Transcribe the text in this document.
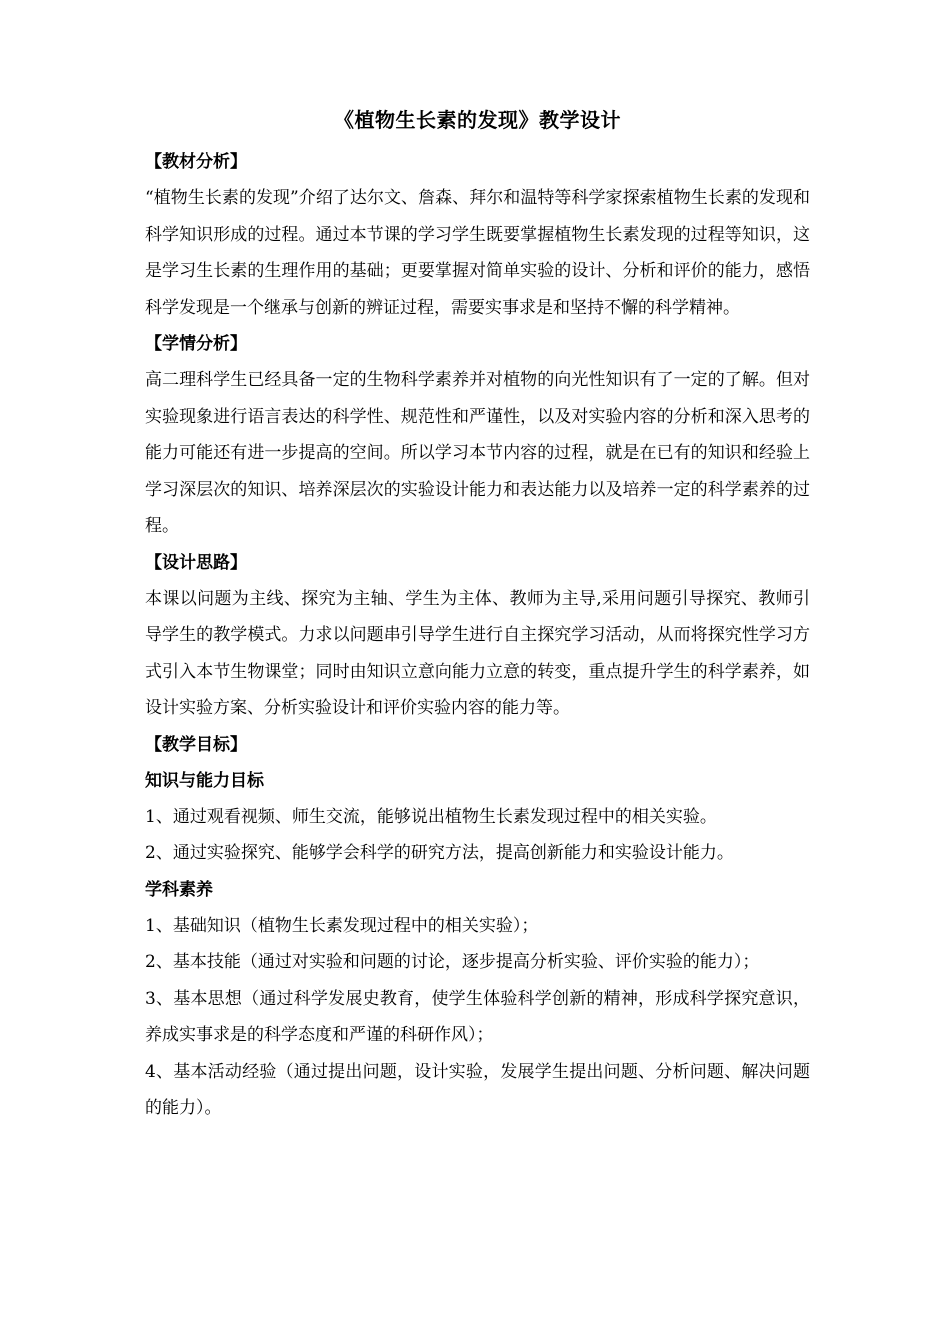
《植物生长素的发现》教学设计
【教材分析】

“植物生长素的发现”介绍了达尔文、詹森、拜尔和温特等科学家探索植物生长素的发现和科学知识形成的过程。通过本节课的学习学生既要掌握植物生长素发现的过程等知识，这是学习生长素的生理作用的基础；更要掌握对简单实验的设计、分析和评价的能力，感悟科学发现是一个继承与创新的辨证过程，需要实事求是和坚持不懈的科学精神。

【学情分析】

高二理科学生已经具备一定的生物科学素养并对植物的向光性知识有了一定的了解。但对实验现象进行语言表达的科学性、规范性和严谨性，以及对实验内容的分析和深入思考的能力可能还有进一步提高的空间。所以学习本节内容的过程，就是在已有的知识和经验上学习深层次的知识、培养深层次的实验设计能力和表达能力以及培养一定的科学素养的过程。

【设计思路】

本课以问题为主线、探究为主轴、学生为主体、教师为主导,采用问题引导探究、教师引导学生的教学模式。力求以问题串引导学生进行自主探究学习活动，从而将探究性学习方式引入本节生物课堂；同时由知识立意向能力立意的转变，重点提升学生的科学素养，如设计实验方案、分析实验设计和评价实验内容的能力等。

【教学目标】
知识与能力目标

1、通过观看视频、师生交流，能够说出植物生长素发现过程中的相关实验。

2、通过实验探究、能够学会科学的研究方法，提高创新能力和实验设计能力。

学科素养

1、基础知识（植物生长素发现过程中的相关实验）；

2、基本技能（通过对实验和问题的讨论，逐步提高分析实验、评价实验的能力）；

3、基本思想（通过科学发展史教育，使学生体验科学创新的精神，形成科学探究意识，养成实事求是的科学态度和严谨的科研作风）；

4、基本活动经验（通过提出问题，设计实验，发展学生提出问题、分析问题、解决问题的能力）。
